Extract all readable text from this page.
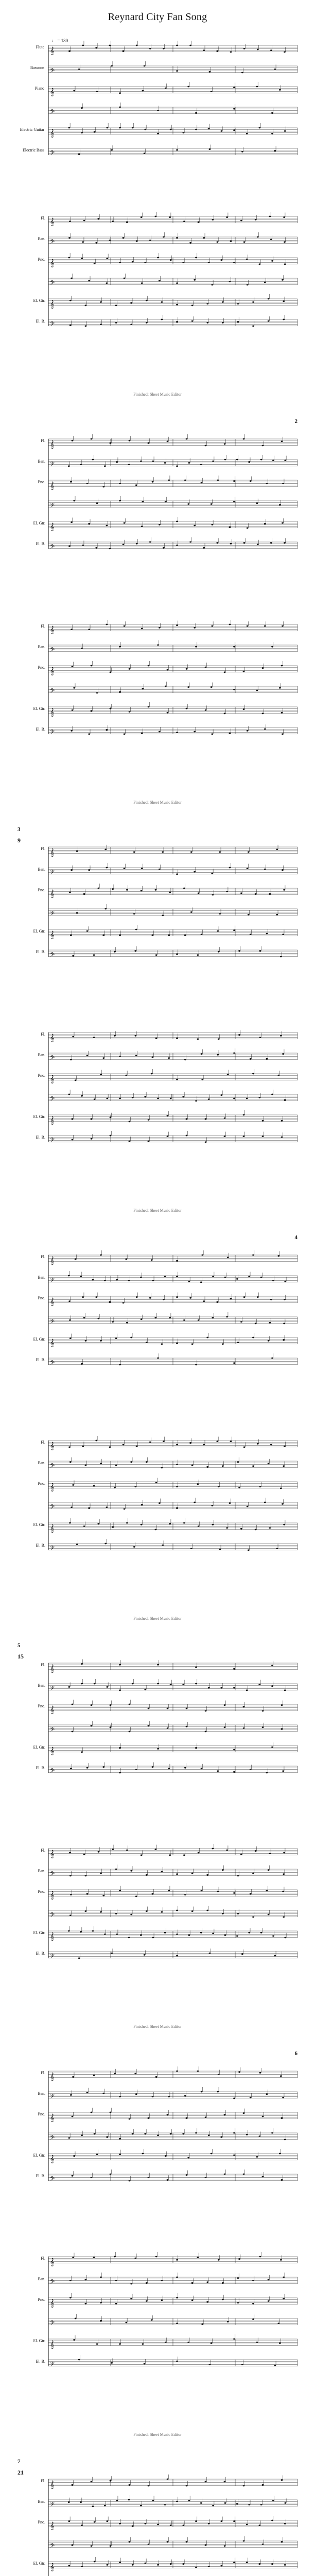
Reynard City Fan Song
♩ = 180
𝄞
𝄢
𝄞
𝄢
𝄞
𝄢
𝄞
𝄢
𝄞
𝄢
𝄞
𝄢
Flute
Bassoon
Piano
Electric Guitar
Electric Bass
Fl.
Bsn.
Pno.
El. Gtr.
El. B.
Finished: Sheet Music Editor
2
𝄞
𝄢
𝄞
𝄢
𝄞
𝄢
𝄞
𝄢
𝄞
𝄢
𝄞
𝄢
Fl.
Bsn.
Pno.
El. Gtr.
El. B.
Fl.
Bsn.
Pno.
El. Gtr.
El. B.
Finished: Sheet Music Editor
3
9
𝄞
𝄢
𝄞
𝄢
𝄞
𝄢
𝄞
𝄢
𝄞
𝄢
𝄞
𝄢
Fl.
Bsn.
Pno.
El. Gtr.
El. B.
Fl.
Bsn.
Pno.
El. Gtr.
El. B.
Finished: Sheet Music Editor
4
𝄞
𝄢
𝄞
𝄢
𝄞
𝄢
𝄞
𝄢
𝄞
𝄢
𝄞
𝄢
Fl.
Bsn.
Pno.
El. Gtr.
El. B.
Fl.
Bsn.
Pno.
El. Gtr.
El. B.
Finished: Sheet Music Editor
5
15
𝄞
𝄢
𝄞
𝄢
𝄞
𝄢
𝄞
𝄢
𝄞
𝄢
𝄞
𝄢
Fl.
Bsn.
Pno.
El. Gtr.
El. B.
Fl.
Bsn.
Pno.
El. Gtr.
El. B.
Finished: Sheet Music Editor
6
𝄞
𝄢
𝄞
𝄢
𝄞
𝄢
𝄞
𝄢
𝄞
𝄢
𝄞
𝄢
Fl.
Bsn.
Pno.
El. Gtr.
El. B.
Fl.
Bsn.
Pno.
El. Gtr.
El. B.
Finished: Sheet Music Editor
7
21
𝄞
𝄢
𝄞
𝄢
𝄞
Fl.
Bsn.
Pno.
El. Gtr.
